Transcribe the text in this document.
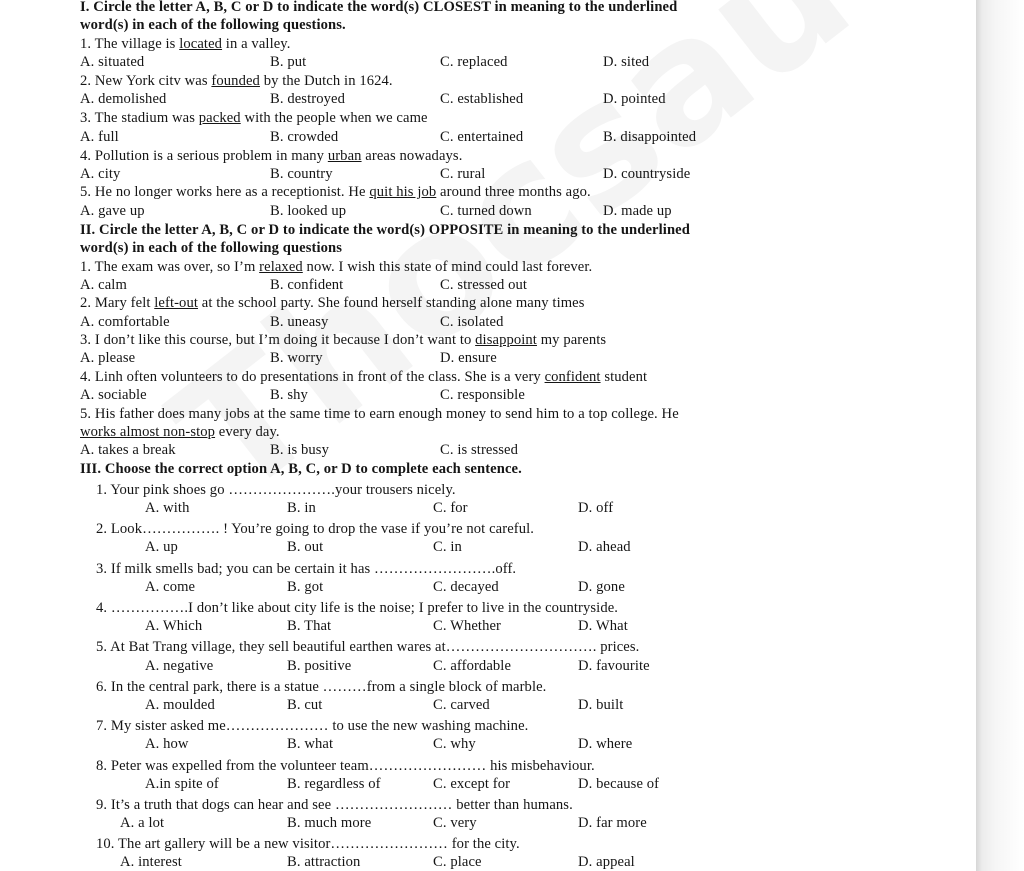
I. Circle the letter A, B, C or D to indicate the word(s) CLOSEST in meaning to the underlined
word(s) in each of the following questions.
1. The village is located in a valley.
A. situated	B. put	C. replaced	D. sited
2. New York citv was founded by the Dutch in 1624.
A. demolished	B. destroyed	C. established	D. pointed
3. The stadium was packed with the people when we came
A. full	B. crowded	C. entertained	B. disappointed
4. Pollution is a serious problem in many urban areas nowadays.
A. city	B. country	C. rural	D. countryside
5. He no longer works here as a receptionist. He quit his job around three months ago.
A. gave up	B. looked up	C. turned down	D. made up
II. Circle the letter A, B, C or D to indicate the word(s) OPPOSITE in meaning to the underlined
word(s) in each of the following questions
1. The exam was over, so I’m relaxed now. I wish this state of mind could last forever.
A. calm	B. confident	C. stressed out
2. Mary felt left-out at the school party. She found herself standing alone many times
A. comfortable	B. uneasy	C. isolated
3. I don’t like this course, but I’m doing it because I don’t want to disappoint my parents
A. please	B. worry	D. ensure
4. Linh often volunteers to do presentations in front of the class. She is a very confident student
A. sociable	B. shy	C. responsible
5. His father does many jobs at the same time to earn enough money to send him to a top college. He
works almost non-stop every day.
A. takes a break	B. is busy	C. is stressed
III. Choose the correct option A, B, C, or D to complete each sentence.
1. Your pink shoes go ………………….your trousers nicely.
A. with	B. in	C. for	D. off
2. Look……………. ! You’re going to drop the vase if you’re not careful.
A. up	B. out	C. in	D. ahead
3. If milk smells bad; you can be certain it has …………………….off.
A. come	B. got	C. decayed	D. gone
4. …………….I don’t like about city life is the noise; I prefer to live in the countryside.
A. Which	B. That	C. Whether	D. What
5. At Bat Trang village, they sell beautiful earthen wares at…………………………. prices.
A. negative	B. positive	C. affordable	D. favourite
6. In the central park, there is a statue ………from a single block of marble.
A. moulded	B. cut	C. carved	D. built
7. My sister asked me………………… to use the new washing machine.
A. how	B. what	C. why	D. where
8. Peter was expelled from the volunteer team…………………… his misbehaviour.
A.in spite of	B. regardless of	C. except for	D. because of
9. It’s a truth that dogs can hear and see …………………… better than humans.
A. a lot	B. much more	C. very	D. far more
10. The art gallery will be a new visitor…………………… for the city.
A. interest	B. attraction	C. place	D. appeal
